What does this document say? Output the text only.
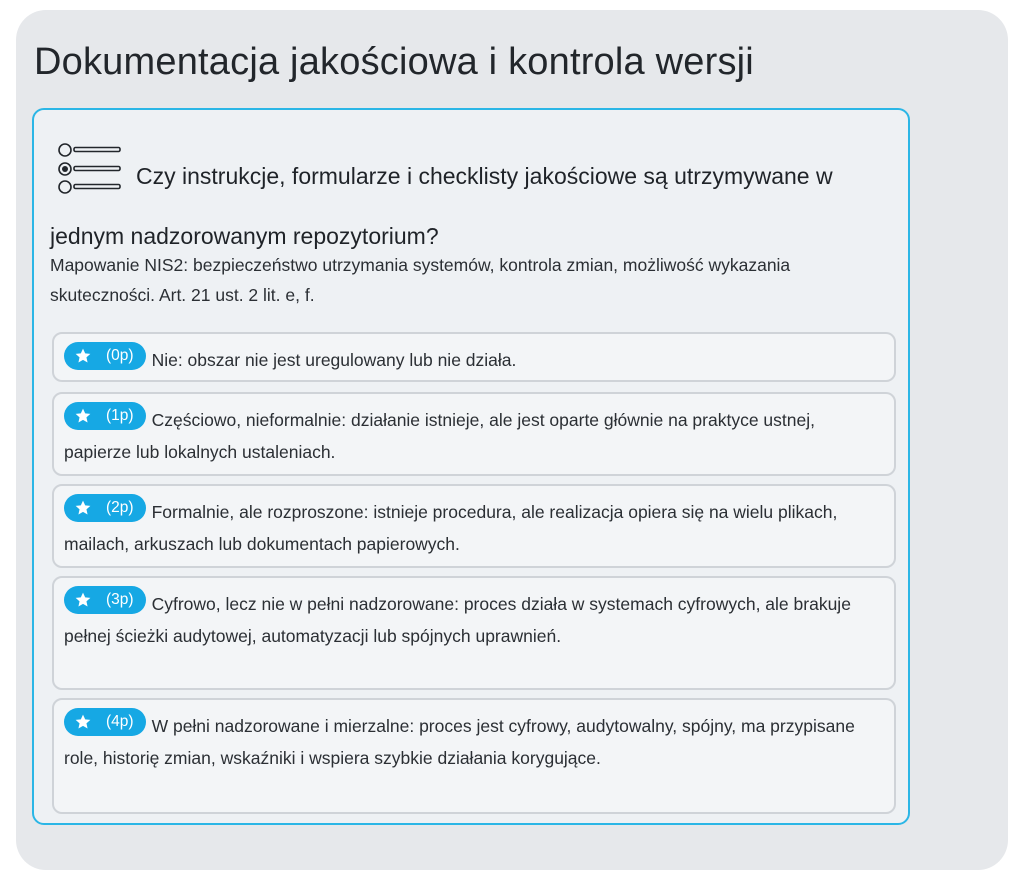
Dokumentacja jakościowa i kontrola wersji
Czy instrukcje, formularze i checklisty jakościowe są utrzymywane w jednym nadzorowanym repozytorium?

Mapowanie NIS2: bezpieczeństwo utrzymania systemów, kontrola zmian, możliwość wykazania skuteczności. Art. 21 ust. 2 lit. e, f.

(0p) Nie: obszar nie jest uregulowany lub nie działa.
(1p) Częściowo, nieformalnie: działanie istnieje, ale jest oparte głównie na praktyce ustnej, papierze lub lokalnych ustaleniach.
(2p) Formalnie, ale rozproszone: istnieje procedura, ale realizacja opiera się na wielu plikach, mailach, arkuszach lub dokumentach papierowych.
(3p) Cyfrowo, lecz nie w pełni nadzorowane: proces działa w systemach cyfrowych, ale brakuje pełnej ścieżki audytowej, automatyzacji lub spójnych uprawnień.
(4p) W pełni nadzorowane i mierzalne: proces jest cyfrowy, audytowalny, spójny, ma przypisane role, historię zmian, wskaźniki i wspiera szybkie działania korygujące.
